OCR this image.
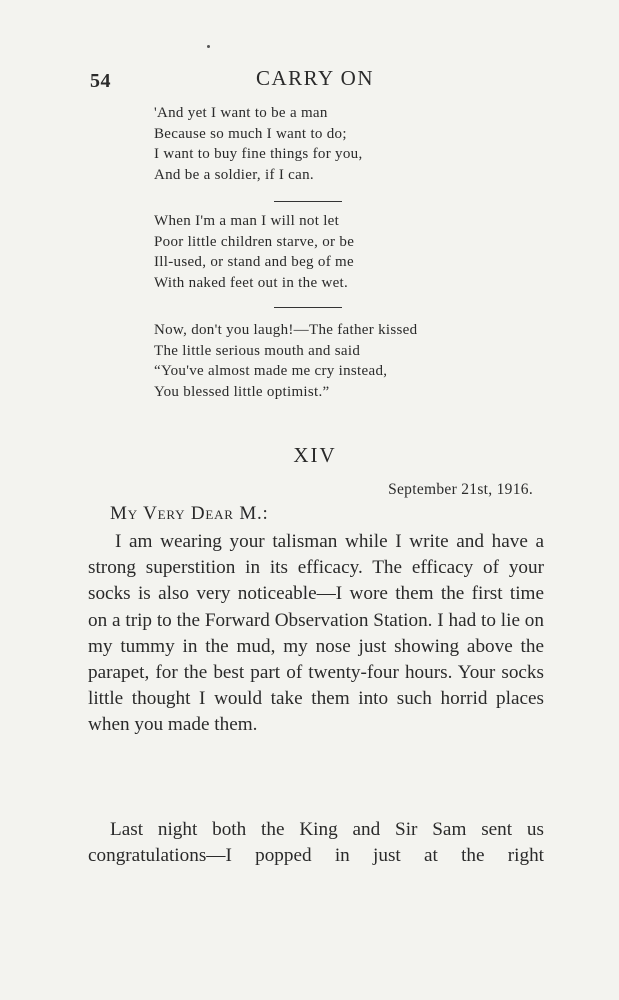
54	CARRY ON
'And yet I want to be a man
Because so much I want to do;
I want to buy fine things for you,
And be a soldier, if I can.
When I'm a man I will not let
Poor little children starve, or be
Ill-used, or stand and beg of me
With naked feet out in the wet.
Now, don't you laugh!—The father kissed
The little serious mouth and said
“You've almost made me cry instead,
You blessed little optimist.”
XIV
September 21st, 1916.
My Very Dear M.:

I am wearing your talisman while I write and have a strong superstition in its efficacy. The efficacy of your socks is also very noticeable—I wore them the first time on a trip to the Forward Observation Station. I had to lie on my tummy in the mud, my nose just showing above the parapet, for the best part of twenty-four hours. Your socks little thought I would take them into such horrid places when you made them.

Last night both the King and Sir Sam sent us congratulations—I popped in just at the right
